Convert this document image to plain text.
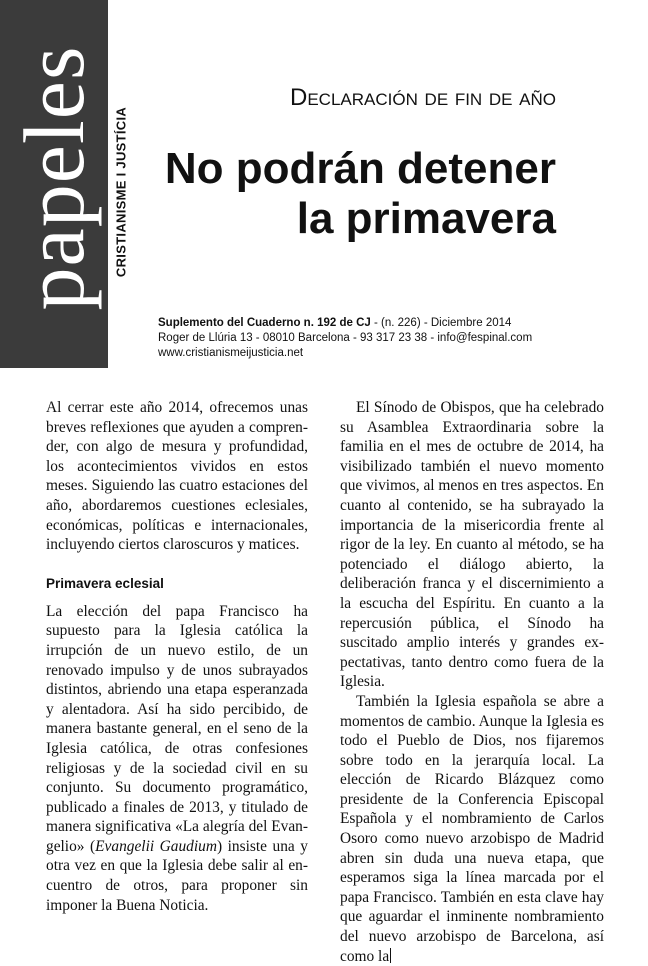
papeles CRISTIANISME I JUSTÍCIA
Declaración de fin de año
No podrán detener la primavera
Suplemento del Cuaderno n. 192 de CJ - (n. 226) - Diciembre 2014
Roger de Llúria 13 - 08010 Barcelona - 93 317 23 38 - info@fespinal.com
www.cristianismeijusticia.net

Al cerrar este año 2014, ofrecemos unas breves reflexiones que ayuden a comprender, con algo de mesura y profundidad, los acontecimientos vividos en estos meses. Siguiendo las cuatro estaciones del año, abordaremos cuestiones eclesiales, económicas, políticas e internacionales, incluyendo ciertos claroscuros y matices.

Primavera eclesial

La elección del papa Francisco ha supuesto para la Iglesia católica la irrupción de un nuevo estilo, de un renovado impulso y de unos subrayados distintos, abriendo una etapa esperanzada y alentadora. Así ha sido percibido, de manera bastante general, en el seno de la Iglesia católica, de otras confesiones religiosas y de la sociedad civil en su conjunto. Su documento programático, publicado a finales de 2013, y titulado de manera significativa «La alegría del Evangelio» (Evangelii Gaudium) insiste una y otra vez en que la Iglesia debe salir al encuentro de otros, para proponer sin imponer la Buena Noticia.

El Sínodo de Obispos, que ha celebrado su Asamblea Extraordinaria sobre la familia en el mes de octubre de 2014, ha visibilizado también el nuevo momento que vivimos, al menos en tres aspectos. En cuanto al contenido, se ha subrayado la importancia de la misericordia frente al rigor de la ley. En cuanto al método, se ha potenciado el diálogo abierto, la deliberación franca y el discernimiento a la escucha del Espíritu. En cuanto a la repercusión pública, el Sínodo ha suscitado amplio interés y grandes expectativas, tanto dentro como fuera de la Iglesia.

También la Iglesia española se abre a momentos de cambio. Aunque la Iglesia es todo el Pueblo de Dios, nos fijaremos sobre todo en la jerarquía local. La elección de Ricardo Blázquez como presidente de la Conferencia Episcopal Española y el nombramiento de Carlos Osoro como nuevo arzobispo de Madrid abren sin duda una nueva etapa, que esperamos siga la línea marcada por el papa Francisco. También en esta clave hay que aguardar el inminente nombramiento del nuevo arzobispo de Barcelona, así como la
